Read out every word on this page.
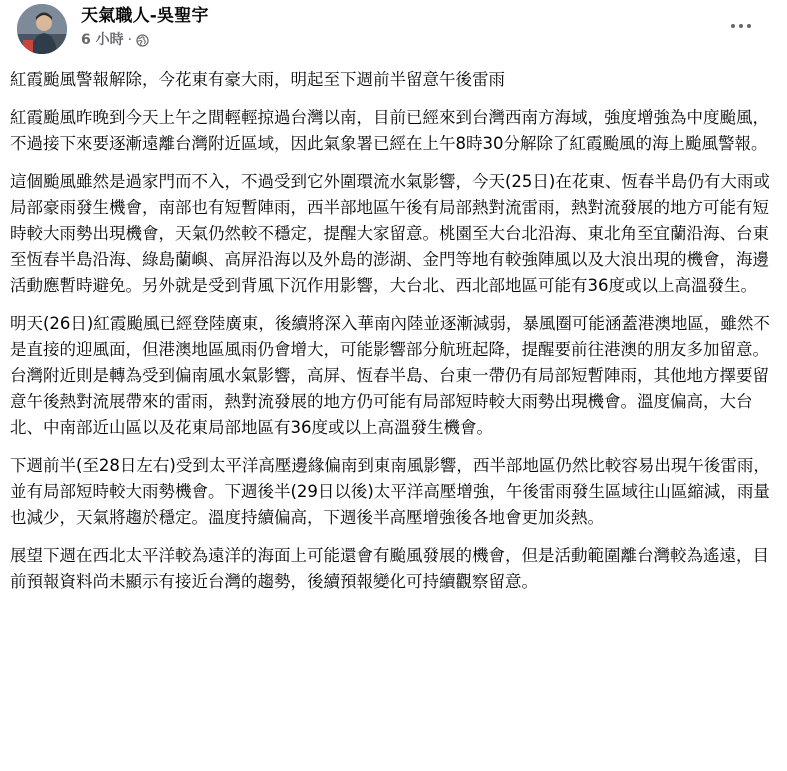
天氣職人-吳聖宇
6 小時 ·

紅霞颱風警報解除，今花東有豪大雨，明起至下週前半留意午後雷雨

紅霞颱風昨晚到今天上午之間輕輕掠過台灣以南，目前已經來到台灣西南方海域，強度增強為中度颱風，不過接下來要逐漸遠離台灣附近區域，因此氣象署已經在上午8時30分解除了紅霞颱風的海上颱風警報。

這個颱風雖然是過家門而不入，不過受到它外圍環流水氣影響，今天(25日)在花東、恆春半島仍有大雨或局部豪雨發生機會，南部也有短暫陣雨，西半部地區午後有局部熱對流雷雨，熱對流發展的地方可能有短時較大雨勢出現機會，天氣仍然較不穩定，提醒大家留意。桃園至大台北沿海、東北角至宜蘭沿海、台東至恆春半島沿海、綠島蘭嶼、高屏沿海以及外島的澎湖、金門等地有較強陣風以及大浪出現的機會，海邊活動應暫時避免。另外就是受到背風下沉作用影響，大台北、西北部地區可能有36度或以上高溫發生。

明天(26日)紅霞颱風已經登陸廣東，後續將深入華南內陸並逐漸減弱，暴風圈可能涵蓋港澳地區，雖然不是直接的迎風面，但港澳地區風雨仍會增大，可能影響部分航班起降，提醒要前往港澳的朋友多加留意。台灣附近則是轉為受到偏南風水氣影響，高屏、恆春半島、台東一帶仍有局部短暫陣雨，其他地方擇要留意午後熱對流展帶來的雷雨，熱對流發展的地方仍可能有局部短時較大雨勢出現機會。溫度偏高，大台北、中南部近山區以及花東局部地區有36度或以上高溫發生機會。

下週前半(至28日左右)受到太平洋高壓邊緣偏南到東南風影響，西半部地區仍然比較容易出現午後雷雨，並有局部短時較大雨勢機會。下週後半(29日以後)太平洋高壓增強，午後雷雨發生區域往山區縮減，雨量也減少，天氣將趨於穩定。溫度持續偏高，下週後半高壓增強後各地會更加炎熱。

展望下週在西北太平洋較為遠洋的海面上可能還會有颱風發展的機會，但是活動範圍離台灣較為遙遠，目前預報資料尚未顯示有接近台灣的趨勢，後續預報變化可持續觀察留意。
